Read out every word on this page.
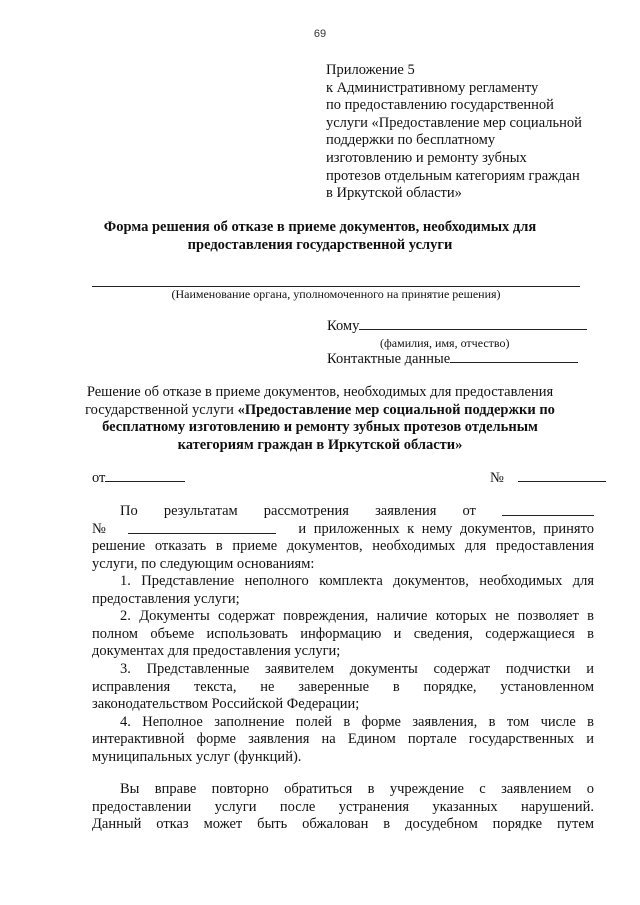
69
Приложение 5
к Административному регламенту
по предоставлению государственной
услуги «Предоставление мер социальной
поддержки по бесплатному
изготовлению и ремонту зубных
протезов отдельным категориям граждан
в Иркутской области»
Форма решения об отказе в приеме документов, необходимых для
предоставления государственной услуги
(Наименование органа, уполномоченного на принятие решения)
Кому
(фамилия, имя, отчество)
Контактные данные
Решение об отказе в приеме документов, необходимых для предоставления
государственной услуги «Предоставление мер социальной поддержки по
бесплатному изготовлению и ремонту зубных протезов отдельным
категориям граждан в Иркутской области»
от	№
По результатам рассмотрения заявления от
№	и приложенных к нему документов, принято
решение отказать в приеме документов, необходимых для предоставления
услуги, по следующим основаниям:
1. Представление неполного комплекта документов, необходимых для
предоставления услуги;
2. Документы содержат повреждения, наличие которых не позволяет в
полном объеме использовать информацию и сведения, содержащиеся в
документах для предоставления услуги;
3. Представленные заявителем документы содержат подчистки и
исправления текста, не заверенные в порядке, установленном
законодательством Российской Федерации;
4. Неполное заполнение полей в форме заявления, в том числе в
интерактивной форме заявления на Едином портале государственных и
муниципальных услуг (функций).
Вы вправе повторно обратиться в учреждение с заявлением о
предоставлении услуги после устранения указанных нарушений.
Данный отказ может быть обжалован в досудебном порядке путем
